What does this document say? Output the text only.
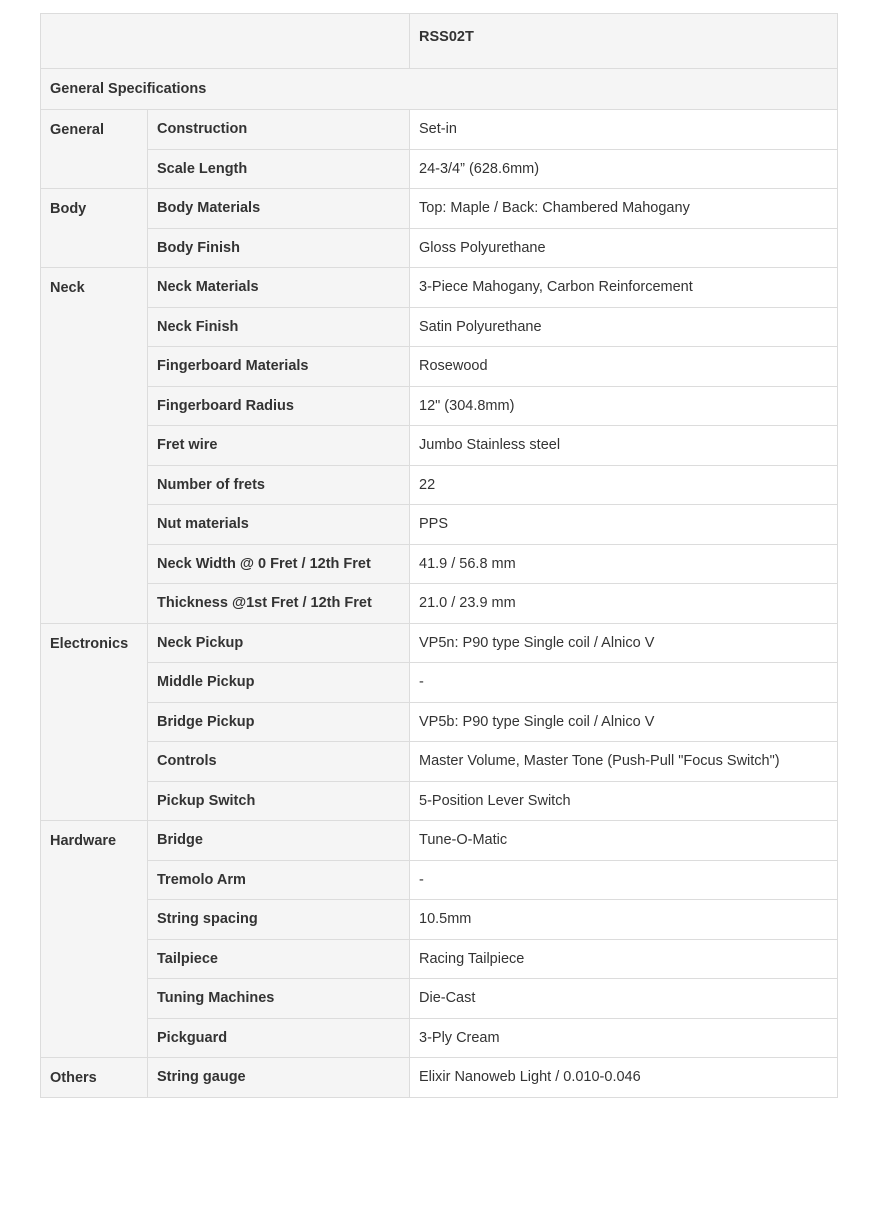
		RSS02T
General Specifications		
General	Construction	Set-in
	Scale Length	24-3/4” (628.6mm)
Body	Body Materials	Top: Maple / Back: Chambered Mahogany
	Body Finish	Gloss Polyurethane
Neck	Neck Materials	3-Piece Mahogany, Carbon Reinforcement
	Neck Finish	Satin Polyurethane
	Fingerboard Materials	Rosewood
	Fingerboard Radius	12" (304.8mm)
	Fret wire	Jumbo Stainless steel
	Number of frets	22
	Nut materials	PPS
	Neck Width @ 0 Fret / 12th Fret	41.9 / 56.8 mm
	Thickness @1st Fret / 12th Fret	21.0 / 23.9 mm
Electronics	Neck Pickup	VP5n: P90 type Single coil / Alnico V
	Middle Pickup	-
	Bridge Pickup	VP5b: P90 type Single coil / Alnico V
	Controls	Master Volume, Master Tone (Push-Pull "Focus Switch")
	Pickup Switch	5-Position Lever Switch
Hardware	Bridge	Tune-O-Matic
	Tremolo Arm	-
	String spacing	10.5mm
	Tailpiece	Racing Tailpiece
	Tuning Machines	Die-Cast
	Pickguard	3-Ply Cream
Others	String gauge	Elixir Nanoweb Light / 0.010-0.046
